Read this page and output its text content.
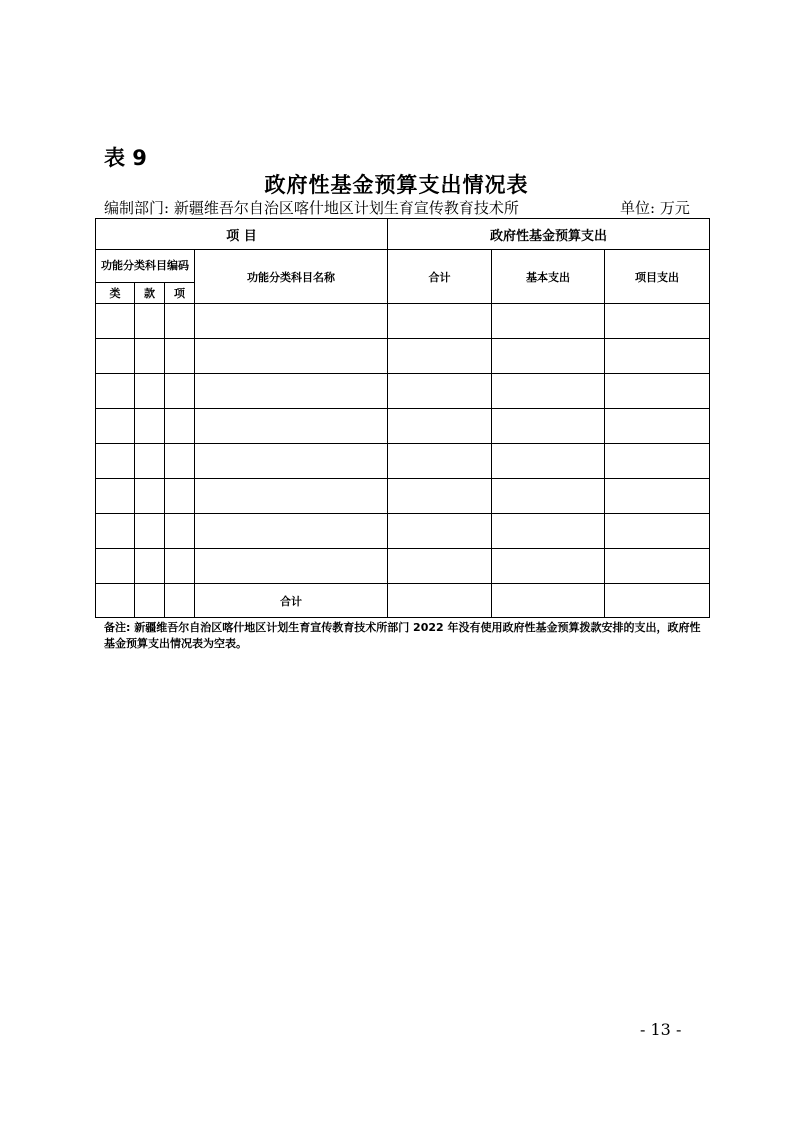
表 9
政府性基金预算支出情况表
编制部门: 新疆维吾尔自治区喀什地区计划生育宣传教育技术所	单位: 万元
项 目				政府性基金预算支出		
功能分类科目编码			功能分类科目名称	合计	基本支出	项目支出
类	款	项				

			合计			
备注: 新疆维吾尔自治区喀什地区计划生育宣传教育技术所部门 2022 年没有使用政府性基金预算拨款安排的支出，政府性基金预算支出情况表为空表。
- 13 -
